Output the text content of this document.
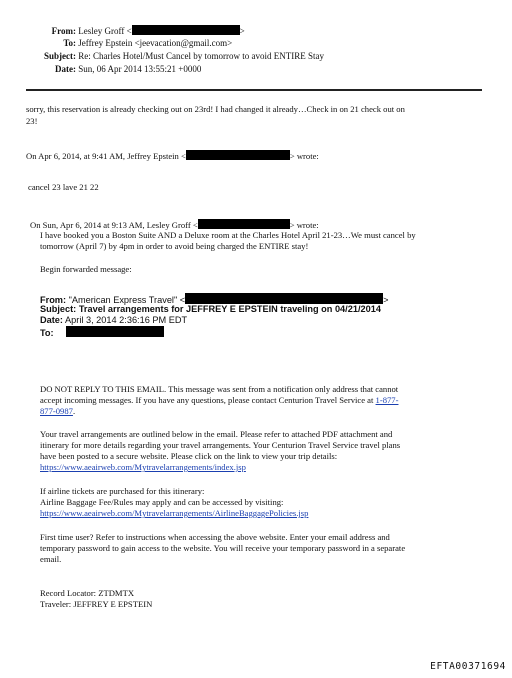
From: Lesley Groff <	>
To: Jeffrey Epstein <jeevacation@gmail.com>
Subject: Re: Charles Hotel/Must Cancel by tomorrow to avoid ENTIRE Stay
Date: Sun, 06 Apr 2014 13:55:21 +0000
sorry, this reservation is already checking out on 23rd! I had changed it already…Check in on 21 check out on
23!
On Apr 6, 2014, at 9:41 AM, Jeffrey Epstein <	> wrote:
cancel 23 lave 21 22
On Sun, Apr 6, 2014 at 9:13 AM, Lesley Groff <	> wrote:
I have booked you a Boston Suite AND a Deluxe room at the Charles Hotel April 21-23…We must cancel by
tomorrow (April 7) by 4pm in order to avoid being charged the ENTIRE stay!
Begin forwarded message:
From: "American Express Travel" <	>
Subject: Travel arrangements for JEFFREY E EPSTEIN traveling on 04/21/2014
Date: April 3, 2014 2:36:16 PM EDT
To:
DO NOT REPLY TO THIS EMAIL. This message was sent from a notification only address that cannot
accept incoming messages. If you have any questions, please contact Centurion Travel Service at 1-877-
877-0987.
Your travel arrangements are outlined below in the email. Please refer to attached PDF attachment and
itinerary for more details regarding your travel arrangements. Your Centurion Travel Service travel plans
have been posted to a secure website. Please click on the link to view your trip details:
https://www.aeairweb.com/Mytravelarrangements/index.jsp
If airline tickets are purchased for this itinerary:
Airline Baggage Fee/Rules may apply and can be accessed by visiting:
https://www.aeairweb.com/Mytravelarrangements/AirlineBaggagePolicies.jsp
First time user? Refer to instructions when accessing the above website. Enter your email address and
temporary password to gain access to the website. You will receive your temporary password in a separate
email.
Record Locator: ZTDMTX
Traveler: JEFFREY E EPSTEIN
EFTA00371694
